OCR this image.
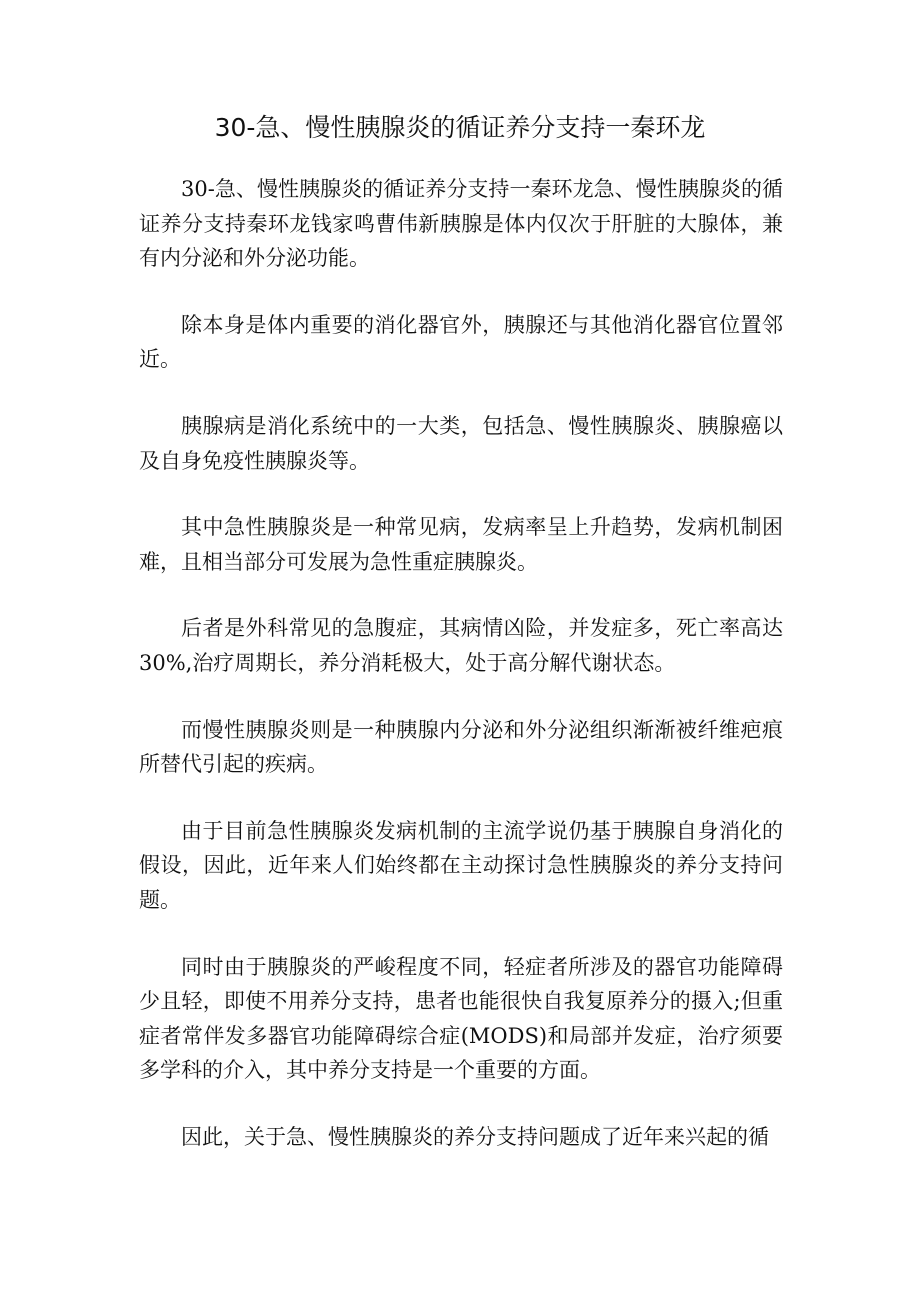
30-急、慢性胰腺炎的循证养分支持一秦环龙

30-急、慢性胰腺炎的循证养分支持一秦环龙急、慢性胰腺炎的循证养分支持秦环龙钱家鸣曹伟新胰腺是体内仅次于肝脏的大腺体，兼有内分泌和外分泌功能。

除本身是体内重要的消化器官外，胰腺还与其他消化器官位置邻近。

胰腺病是消化系统中的一大类，包括急、慢性胰腺炎、胰腺癌以及自身免疫性胰腺炎等。

其中急性胰腺炎是一种常见病，发病率呈上升趋势，发病机制困难，且相当部分可发展为急性重症胰腺炎。

后者是外科常见的急腹症，其病情凶险，并发症多，死亡率高达30%,治疗周期长，养分消耗极大，处于高分解代谢状态。

而慢性胰腺炎则是一种胰腺内分泌和外分泌组织渐渐被纤维疤痕所替代引起的疾病。

由于目前急性胰腺炎发病机制的主流学说仍基于胰腺自身消化的假设，因此，近年来人们始终都在主动探讨急性胰腺炎的养分支持问题。

同时由于胰腺炎的严峻程度不同，轻症者所涉及的器官功能障碍少且轻，即使不用养分支持，患者也能很快自我复原养分的摄入;但重症者常伴发多器官功能障碍综合症(MODS)和局部并发症，治疗须要多学科的介入，其中养分支持是一个重要的方面。

因此，关于急、慢性胰腺炎的养分支持问题成了近年来兴起的循
